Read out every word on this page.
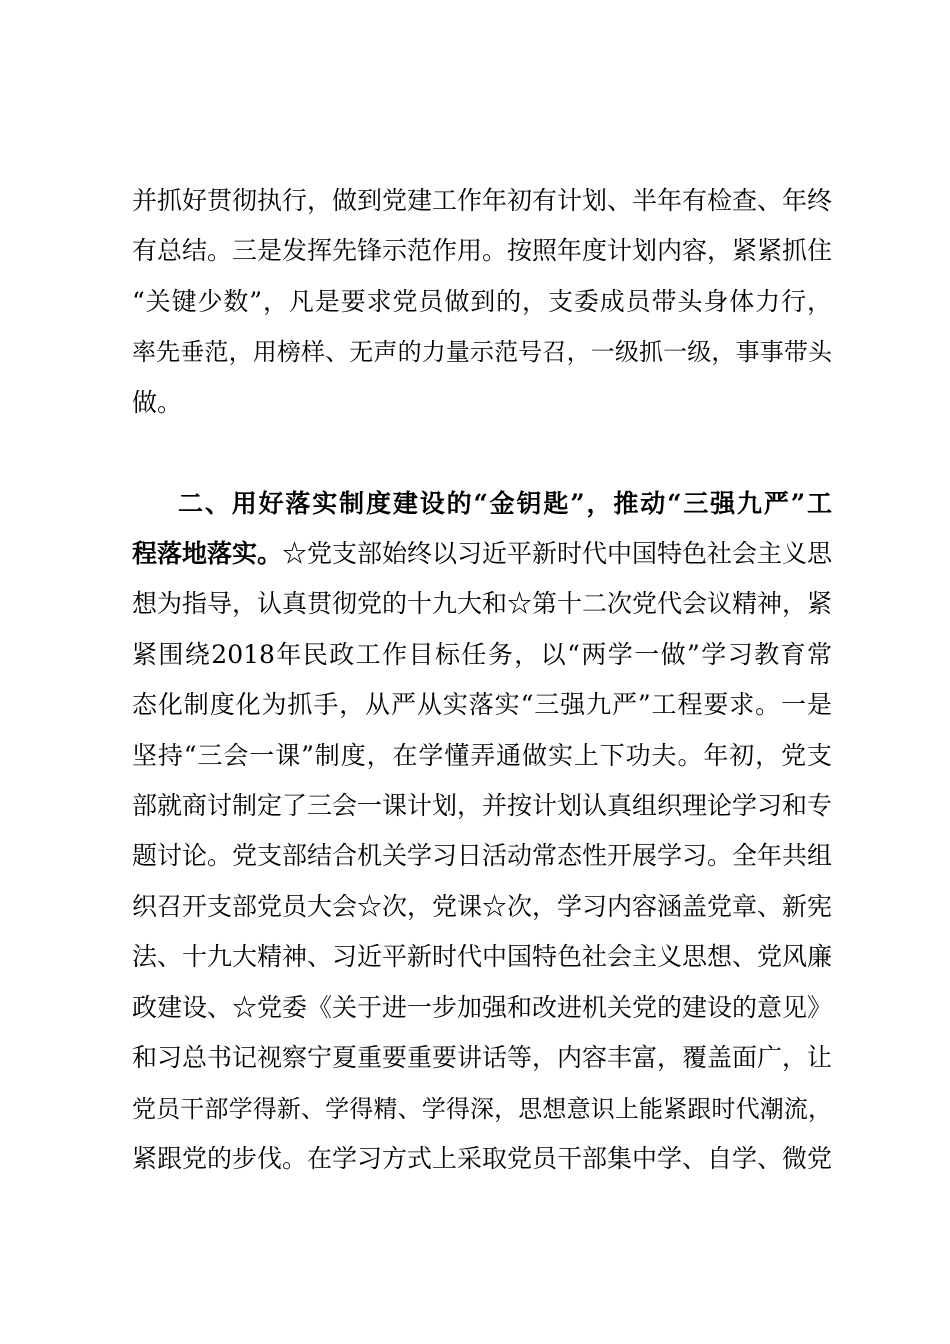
并抓好贯彻执行，做到党建工作年初有计划、半年有检查、年终
有总结。三是发挥先锋示范作用。按照年度计划内容，紧紧抓住
“关键少数”，凡是要求党员做到的，支委成员带头身体力行，
率先垂范，用榜样、无声的力量示范号召，一级抓一级，事事带头
做。
二、用好落实制度建设的“金钥匙”，推动“三强九严”工
程落地落实。☆党支部始终以习近平新时代中国特色社会主义思
想为指导，认真贯彻党的十九大和☆第十二次党代会议精神，紧
紧围绕2018年民政工作目标任务，以“两学一做”学习教育常
态化制度化为抓手，从严从实落实“三强九严”工程要求。一是
坚持“三会一课”制度，在学懂弄通做实上下功夫。年初，党支
部就商讨制定了三会一课计划，并按计划认真组织理论学习和专
题讨论。党支部结合机关学习日活动常态性开展学习。全年共组
织召开支部党员大会☆次，党课☆次，学习内容涵盖党章、新宪
法、十九大精神、习近平新时代中国特色社会主义思想、党风廉
政建设、☆党委《关于进一步加强和改进机关党的建设的意见》
和习总书记视察宁夏重要重要讲话等，内容丰富，覆盖面广，让
党员干部学得新、学得精、学得深，思想意识上能紧跟时代潮流，
紧跟党的步伐。在学习方式上采取党员干部集中学、自学、微党
